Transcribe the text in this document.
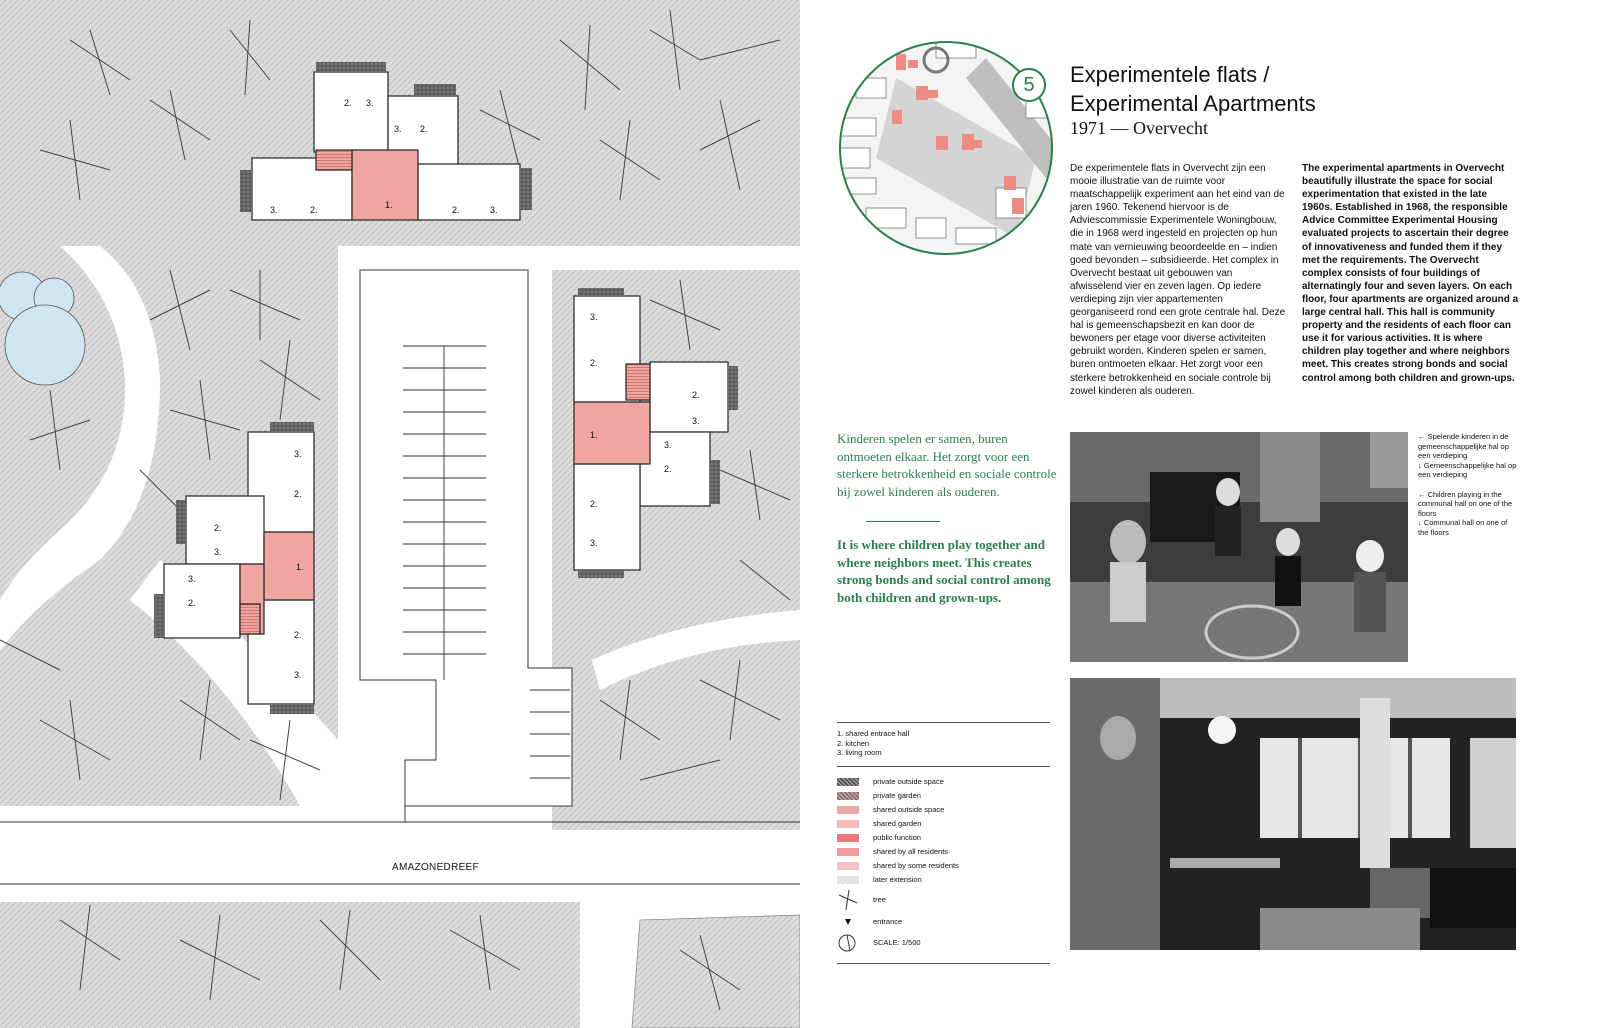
1.
2. 3.
3. 2.
3.	2.	2.	3.
1.
3.
2.
2.
3.
3.
2.
2.
3.
1.
3.
2.
2.
3.
3.
2.
2.
3.
AMAZONEDREEF
5	Experimentele flats /
Experimental Apartments
1971 — Overvecht
De experimentele flats in Overvecht zijn een mooie illustratie van de ruimte voor maatschappelijk experiment aan het eind van de jaren 1960. Tekenend hiervoor is de Adviescommissie Experimentele Woningbouw, die in 1968 werd ingesteld en projecten op hun mate van vernieuwing beoordeelde en – indien goed bevonden – subsidieerde. Het complex in Overvecht bestaat uit gebouwen van afwisselend vier en zeven lagen. Op iedere verdieping zijn vier appartementen georganiseerd rond een grote centrale hal. Deze hal is gemeenschapsbezit en kan door de bewoners per etage voor diverse activiteiten gebruikt worden. Kinderen spelen er samen, buren ontmoeten elkaar. Het zorgt voor een sterkere betrokkenheid en sociale controle bij zowel kinderen als ouderen.
The experimental apartments in Overvecht beautifully illustrate the space for social experimentation that existed in the late 1960s. Established in 1968, the responsible Advice Committee Experimental Housing evaluated projects to ascertain their degree of innovativeness and funded them if they met the requirements. The Overvecht complex consists of four buildings of alternatingly four and seven layers. On each floor, four apartments are organized around a large central hall. This hall is community property and the residents of each floor can use it for various activities. It is where children play together and where neighbors meet. This creates strong bonds and social control among both children and grown-ups.
Kinderen spelen er samen, buren ontmoeten elkaar. Het zorgt voor een sterkere betrokkenheid en sociale controle bij zowel kinderen als ouderen.
It is where children play together and where neighbors meet. This creates strong bonds and social control among both children and grown-ups.
← Spelende kinderen in de gemeenschappelijke hal op een verdieping
↓ Gemeenschappelijke hal op een verdieping
← Children playing in the communal hall on one of the floors
↓ Communal hall on one of the floors
1. shared entrace hall
2. kitchen
3. living room
private outside space
private garden
shared outside space
shared garden
public function
shared by all residents
shared by some residents
later extension
tree
entrance
SCALE: 1/500
